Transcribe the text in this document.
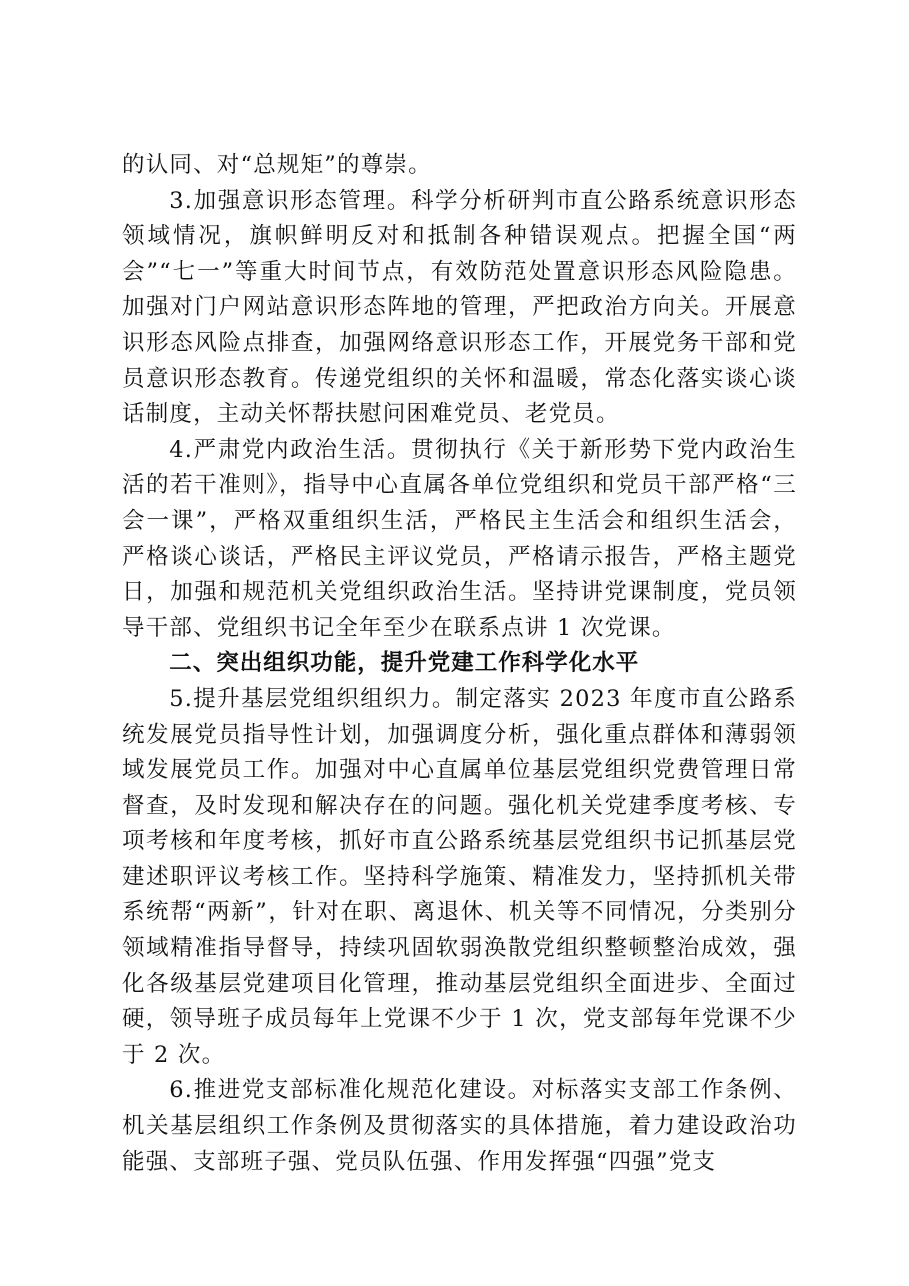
的认同、对“总规矩”的尊崇。

3.加强意识形态管理。科学分析研判市直公路系统意识形态领域情况，旗帜鲜明反对和抵制各种错误观点。把握全国“两会”“七一”等重大时间节点，有效防范处置意识形态风险隐患。加强对门户网站意识形态阵地的管理，严把政治方向关。开展意识形态风险点排查，加强网络意识形态工作，开展党务干部和党员意识形态教育。传递党组织的关怀和温暖，常态化落实谈心谈话制度，主动关怀帮扶慰问困难党员、老党员。

4.严肃党内政治生活。贯彻执行《关于新形势下党内政治生活的若干准则》，指导中心直属各单位党组织和党员干部严格“三会一课”，严格双重组织生活，严格民主生活会和组织生活会，严格谈心谈话，严格民主评议党员，严格请示报告，严格主题党日，加强和规范机关党组织政治生活。坚持讲党课制度，党员领导干部、党组织书记全年至少在联系点讲 1 次党课。

二、突出组织功能，提升党建工作科学化水平

5.提升基层党组织组织力。制定落实 2023 年度市直公路系统发展党员指导性计划，加强调度分析，强化重点群体和薄弱领域发展党员工作。加强对中心直属单位基层党组织党费管理日常督查，及时发现和解决存在的问题。强化机关党建季度考核、专项考核和年度考核，抓好市直公路系统基层党组织书记抓基层党建述职评议考核工作。坚持科学施策、精准发力，坚持抓机关带系统帮“两新”，针对在职、离退休、机关等不同情况，分类别分领域精准指导督导，持续巩固软弱涣散党组织整顿整治成效，强化各级基层党建项目化管理，推动基层党组织全面进步、全面过硬，领导班子成员每年上党课不少于 1 次，党支部每年党课不少于 2 次。

6.推进党支部标准化规范化建设。对标落实支部工作条例、机关基层组织工作条例及贯彻落实的具体措施，着力建设政治功能强、支部班子强、党员队伍强、作用发挥强“四强”党支
